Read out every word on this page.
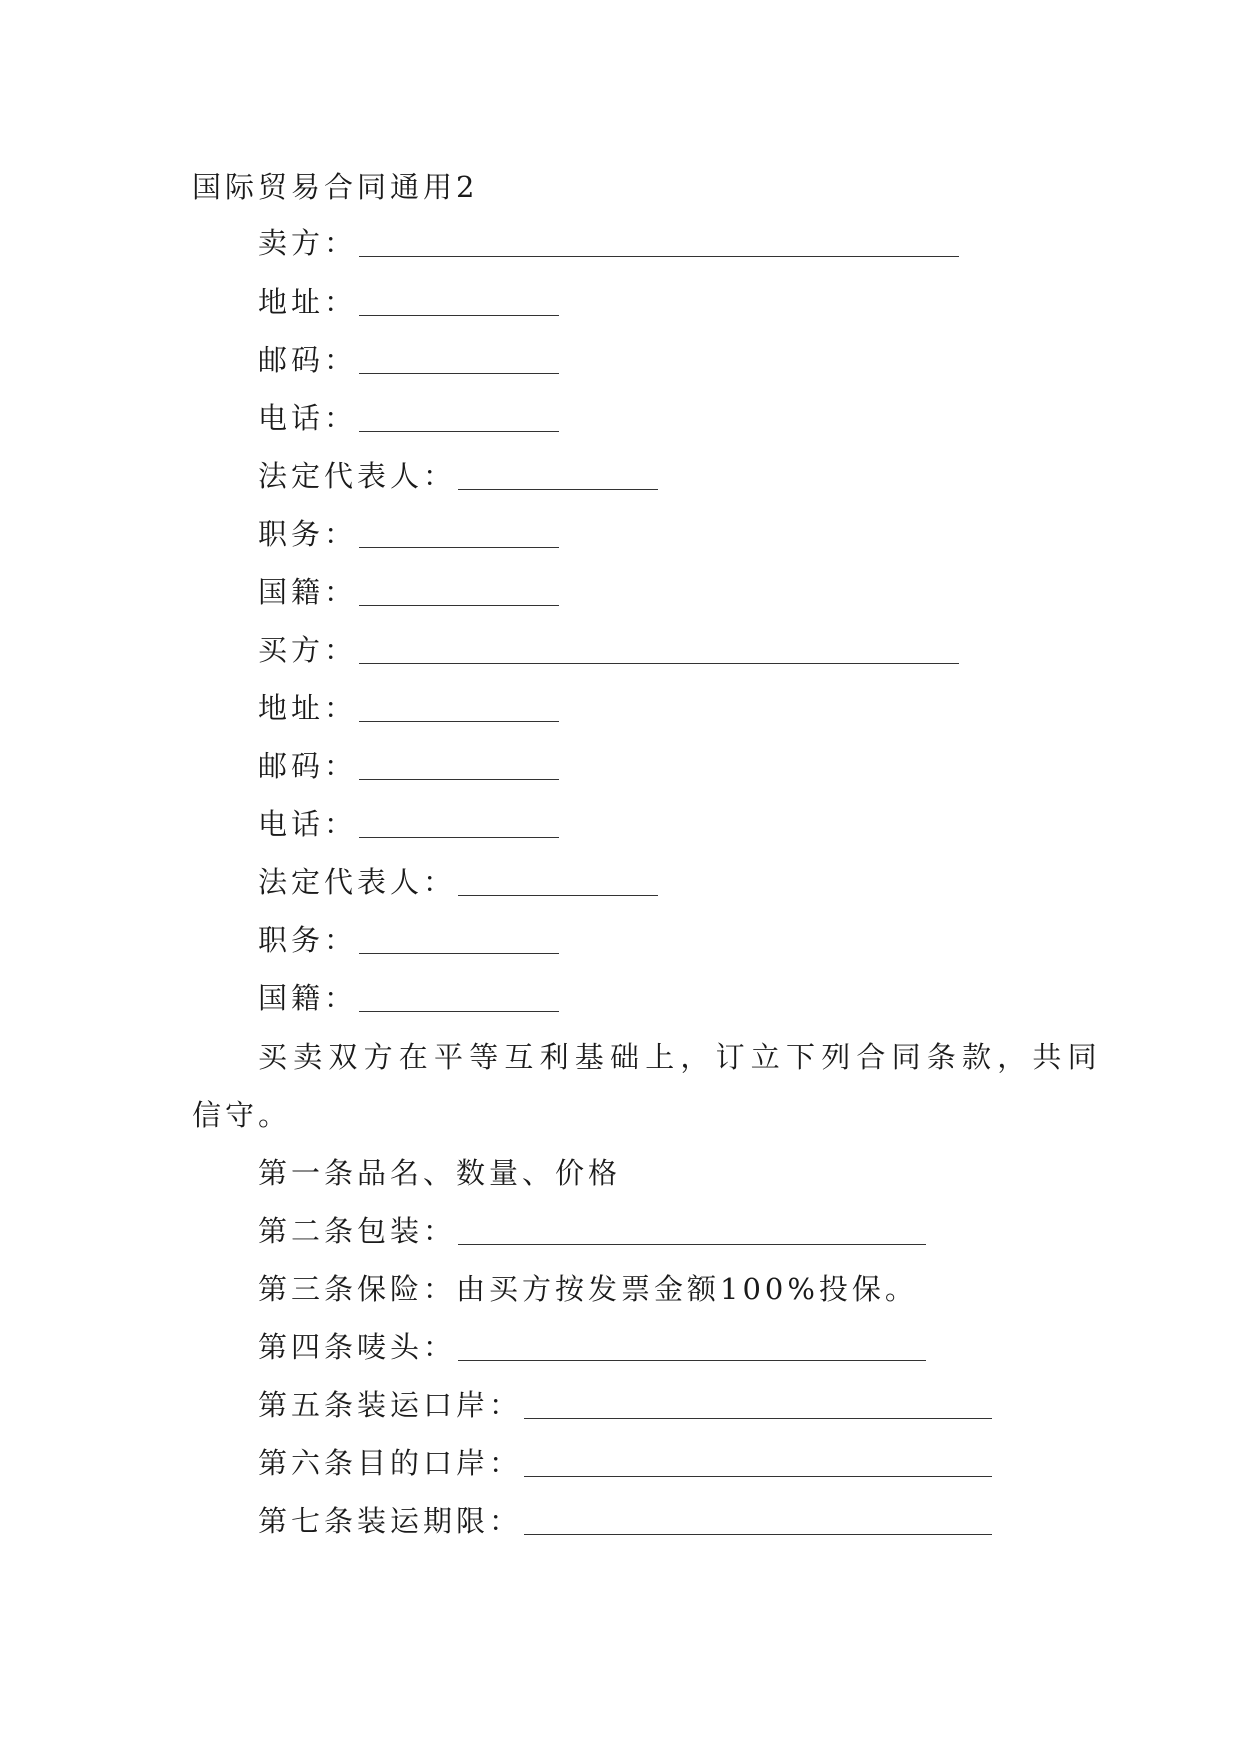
国际贸易合同通用2
卖方：
地址：
邮码：
电话：
法定代表人：
职务：
国籍：
买方：
地址：
邮码：
电话：
法定代表人：
职务：
国籍：
买卖双方在平等互利基础上，订立下列合同条款，共同
信守。
第一条品名、数量、价格
第二条包装：
第三条保险：由买方按发票金额100%投保。
第四条唛头：
第五条装运口岸：
第六条目的口岸：
第七条装运期限：
